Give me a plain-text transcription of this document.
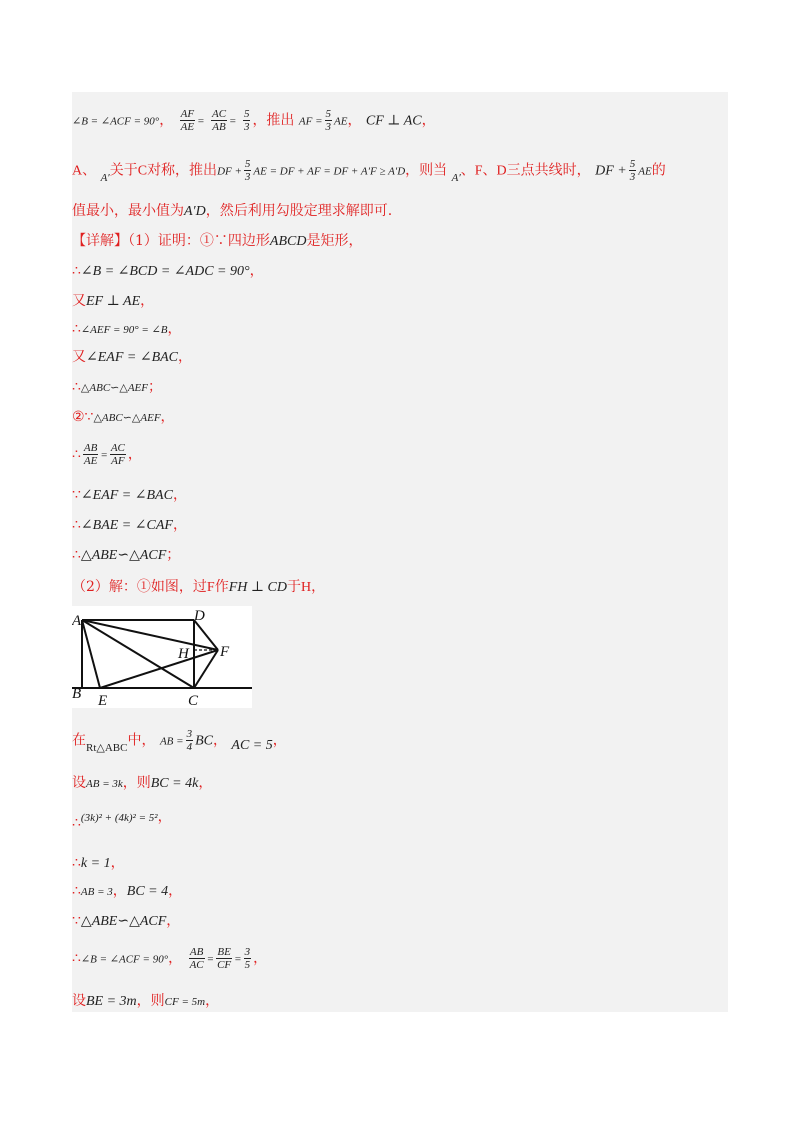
∠B = ∠ACF = 90°， $\frac{AF}{AE} = \frac{AC}{AB} = \frac{5}{3}$ ，推出 AF = $\frac{5}{3}$ AE， CF ⊥ AC，
A、 $_{A'}$关于C对称，推出DF + $\frac{5}{3}$ AE = DF + AF = DF + A′F ≥ A′D，则当 $_{A'}$、F、D三点共线时， DF + $\frac{5}{3}$ AE的
值最小，最小值为A′D，然后利用勾股定理求解即可.
【详解】（1）证明：①∵四边形ABCD是矩形，
∴∠B = ∠BCD = ∠ADC = 90°，
又EF ⊥ AE，
∴∠AEF = 90° = ∠B，
又∠EAF = ∠BAC，
∴△ABC∽△AEF；
②∵△ABC∽△AEF，
∴ $\frac{AB}{AE} = \frac{AC}{AF}$ ，
∵∠EAF = ∠BAC，
∴∠BAE = ∠CAF，
∴△ABE∽△ACF；
（2）解：①如图，过F作FH ⊥ CD于H，
A
B	C
D
E
F
H
在$_{Rt\triangle ABC}$中， AB = $\frac{3}{4}$ BC， AC = 5，
设AB = 3k，则BC = 4k，
∴(3k)² + (4k)² = 5²，
∴k = 1，
∴AB = 3，BC = 4，
∵△ABE∽△ACF，
∴∠B = ∠ACF = 90°， $\frac{AB}{AC} = \frac{BE}{CF} = \frac{3}{5}$ ，
设BE = 3m，则CF = 5m，
